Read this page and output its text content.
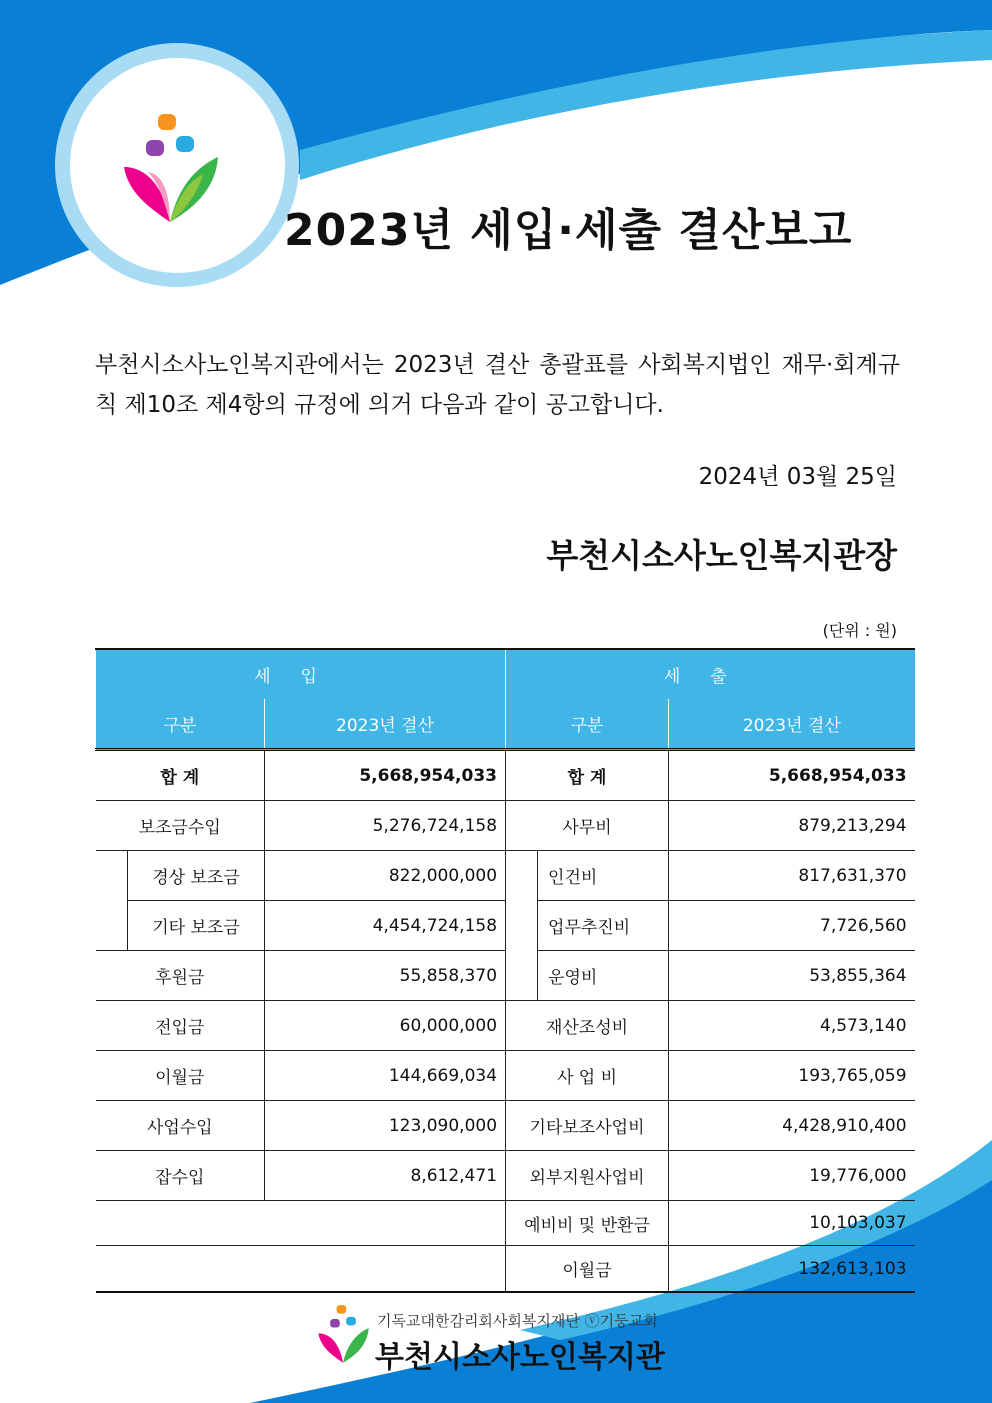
2023년 세입·세출 결산보고
부천시소사노인복지관에서는 2023년 결산 총괄표를 사회복지법인 재무·회계규칙 제10조 제4항의 규정에 의거 다음과 같이 공고합니다.
2024년 03월 25일
부천시소사노인복지관장
(단위 : 원)
세입			세출		
구분		2023년 결산	구분		2023년 결산
합 계		5,668,954,033	합 계		5,668,954,033
보조금수입		5,276,724,158	사무비		879,213,294
	경상 보조금	822,000,000		인건비	817,631,370
	기타 보조금	4,454,724,158		업무추진비	7,726,560
후원금		55,858,370		운영비	53,855,364
전입금		60,000,000	재산조성비		4,573,140
이월금		144,669,034	사 업 비		193,765,059
사업수입		123,090,000	기타보조사업비		4,428,910,400
잡수입		8,612,471	외부지원사업비		19,776,000
			예비비 및 반환금		10,103,037
			이월금		132,613,103
기독교대한감리회사회복지재단 ⓥ기둥교회
부천시소사노인복지관
